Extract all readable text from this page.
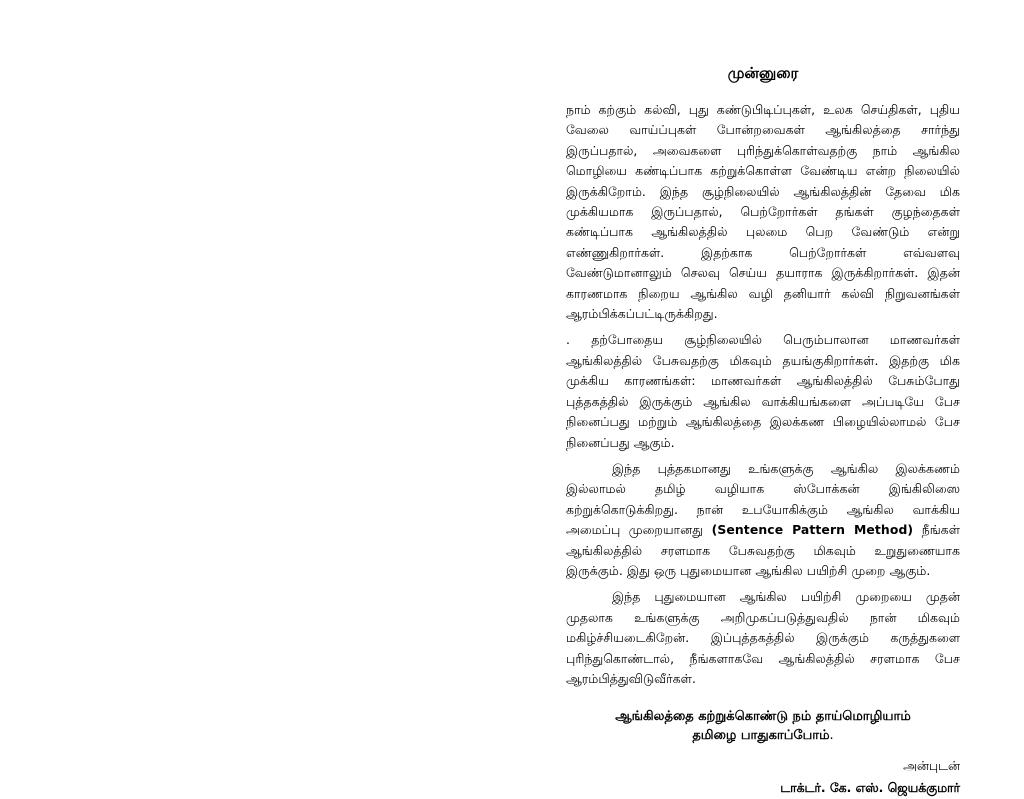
முன்னுரை

நாம் கற்கும் கல்வி, புது கண்டுபிடிப்புகள், உலக செய்திகள், புதிய வேலை வாய்ப்புகள் போன்றவைகள் ஆங்கிலத்தை சார்ந்து இருப்பதால், அவைகளை புரிந்துக்கொள்வதற்கு நாம் ஆங்கில மொழியை கண்டிப்பாக கற்றுக்கொள்ள வேண்டிய என்ற நிலையில் இருக்கிறோம். இந்த சூழ்நிலையில் ஆங்கிலத்தின் தேவை மிக முக்கியமாக இருப்பதால், பெற்றோர்கள் தங்கள் குழந்தைகள் கண்டிப்பாக ஆங்கிலத்தில் புலமை பெற வேண்டும் என்று எண்ணுகிறார்கள். இதற்காக பெற்றோர்கள் எவ்வளவு வேண்டுமானாலும் செலவு செய்ய தயாராக இருக்கிறார்கள். இதன் காரணமாக நிறைய ஆங்கில வழி தனியார் கல்வி நிறுவனங்கள் ஆரம்பிக்கப்பட்டிருக்கிறது.

. தற்போதைய சூழ்நிலையில் பெரும்பாலான மாணவர்கள் ஆங்கிலத்தில் பேசுவதற்கு மிகவும் தயங்குகிறார்கள். இதற்கு மிக முக்கிய காரணங்கள்: மாணவர்கள் ஆங்கிலத்தில் பேசும்போது புத்தகத்தில் இருக்கும் ஆங்கில வாக்கியங்களை அப்படியே பேச நினைப்பது மற்றும் ஆங்கிலத்தை இலக்கண பிழையில்லாமல் பேச நினைப்பது ஆகும்.

இந்த புத்தகமானது உங்களுக்கு ஆங்கில இலக்கணம் இல்லாமல் தமிழ் வழியாக ஸ்போக்கன் இங்கிலிஸை கற்றுக்கொடுக்கிறது. நான் உபயோகிக்கும் ஆங்கில வாக்கிய அமைப்பு முறையானது (Sentence Pattern Method) நீங்கள் ஆங்கிலத்தில் சரளமாக பேசுவதற்கு மிகவும் உறுதுணையாக இருக்கும். இது ஒரு புதுமையான ஆங்கில பயிற்சி முறை ஆகும்.

இந்த புதுமையான ஆங்கில பயிற்சி முறையை முதன் முதலாக உங்களுக்கு அறிமுகப்படுத்துவதில் நான் மிகவும் மகிழ்ச்சியடைகிறேன். இப்புத்தகத்தில் இருக்கும் கருத்துகளை புரிந்துகொண்டால், நீங்களாகவே ஆங்கிலத்தில் சரளமாக பேச ஆரம்பித்துவிடுவீர்கள்.

ஆங்கிலத்தை கற்றுக்கொண்டு நம் தாய்மொழியாம்
தமிழை பாதுகாப்போம்.
அன்புடன்
டாக்டர். கே. எஸ். ஜெயக்குமார்
